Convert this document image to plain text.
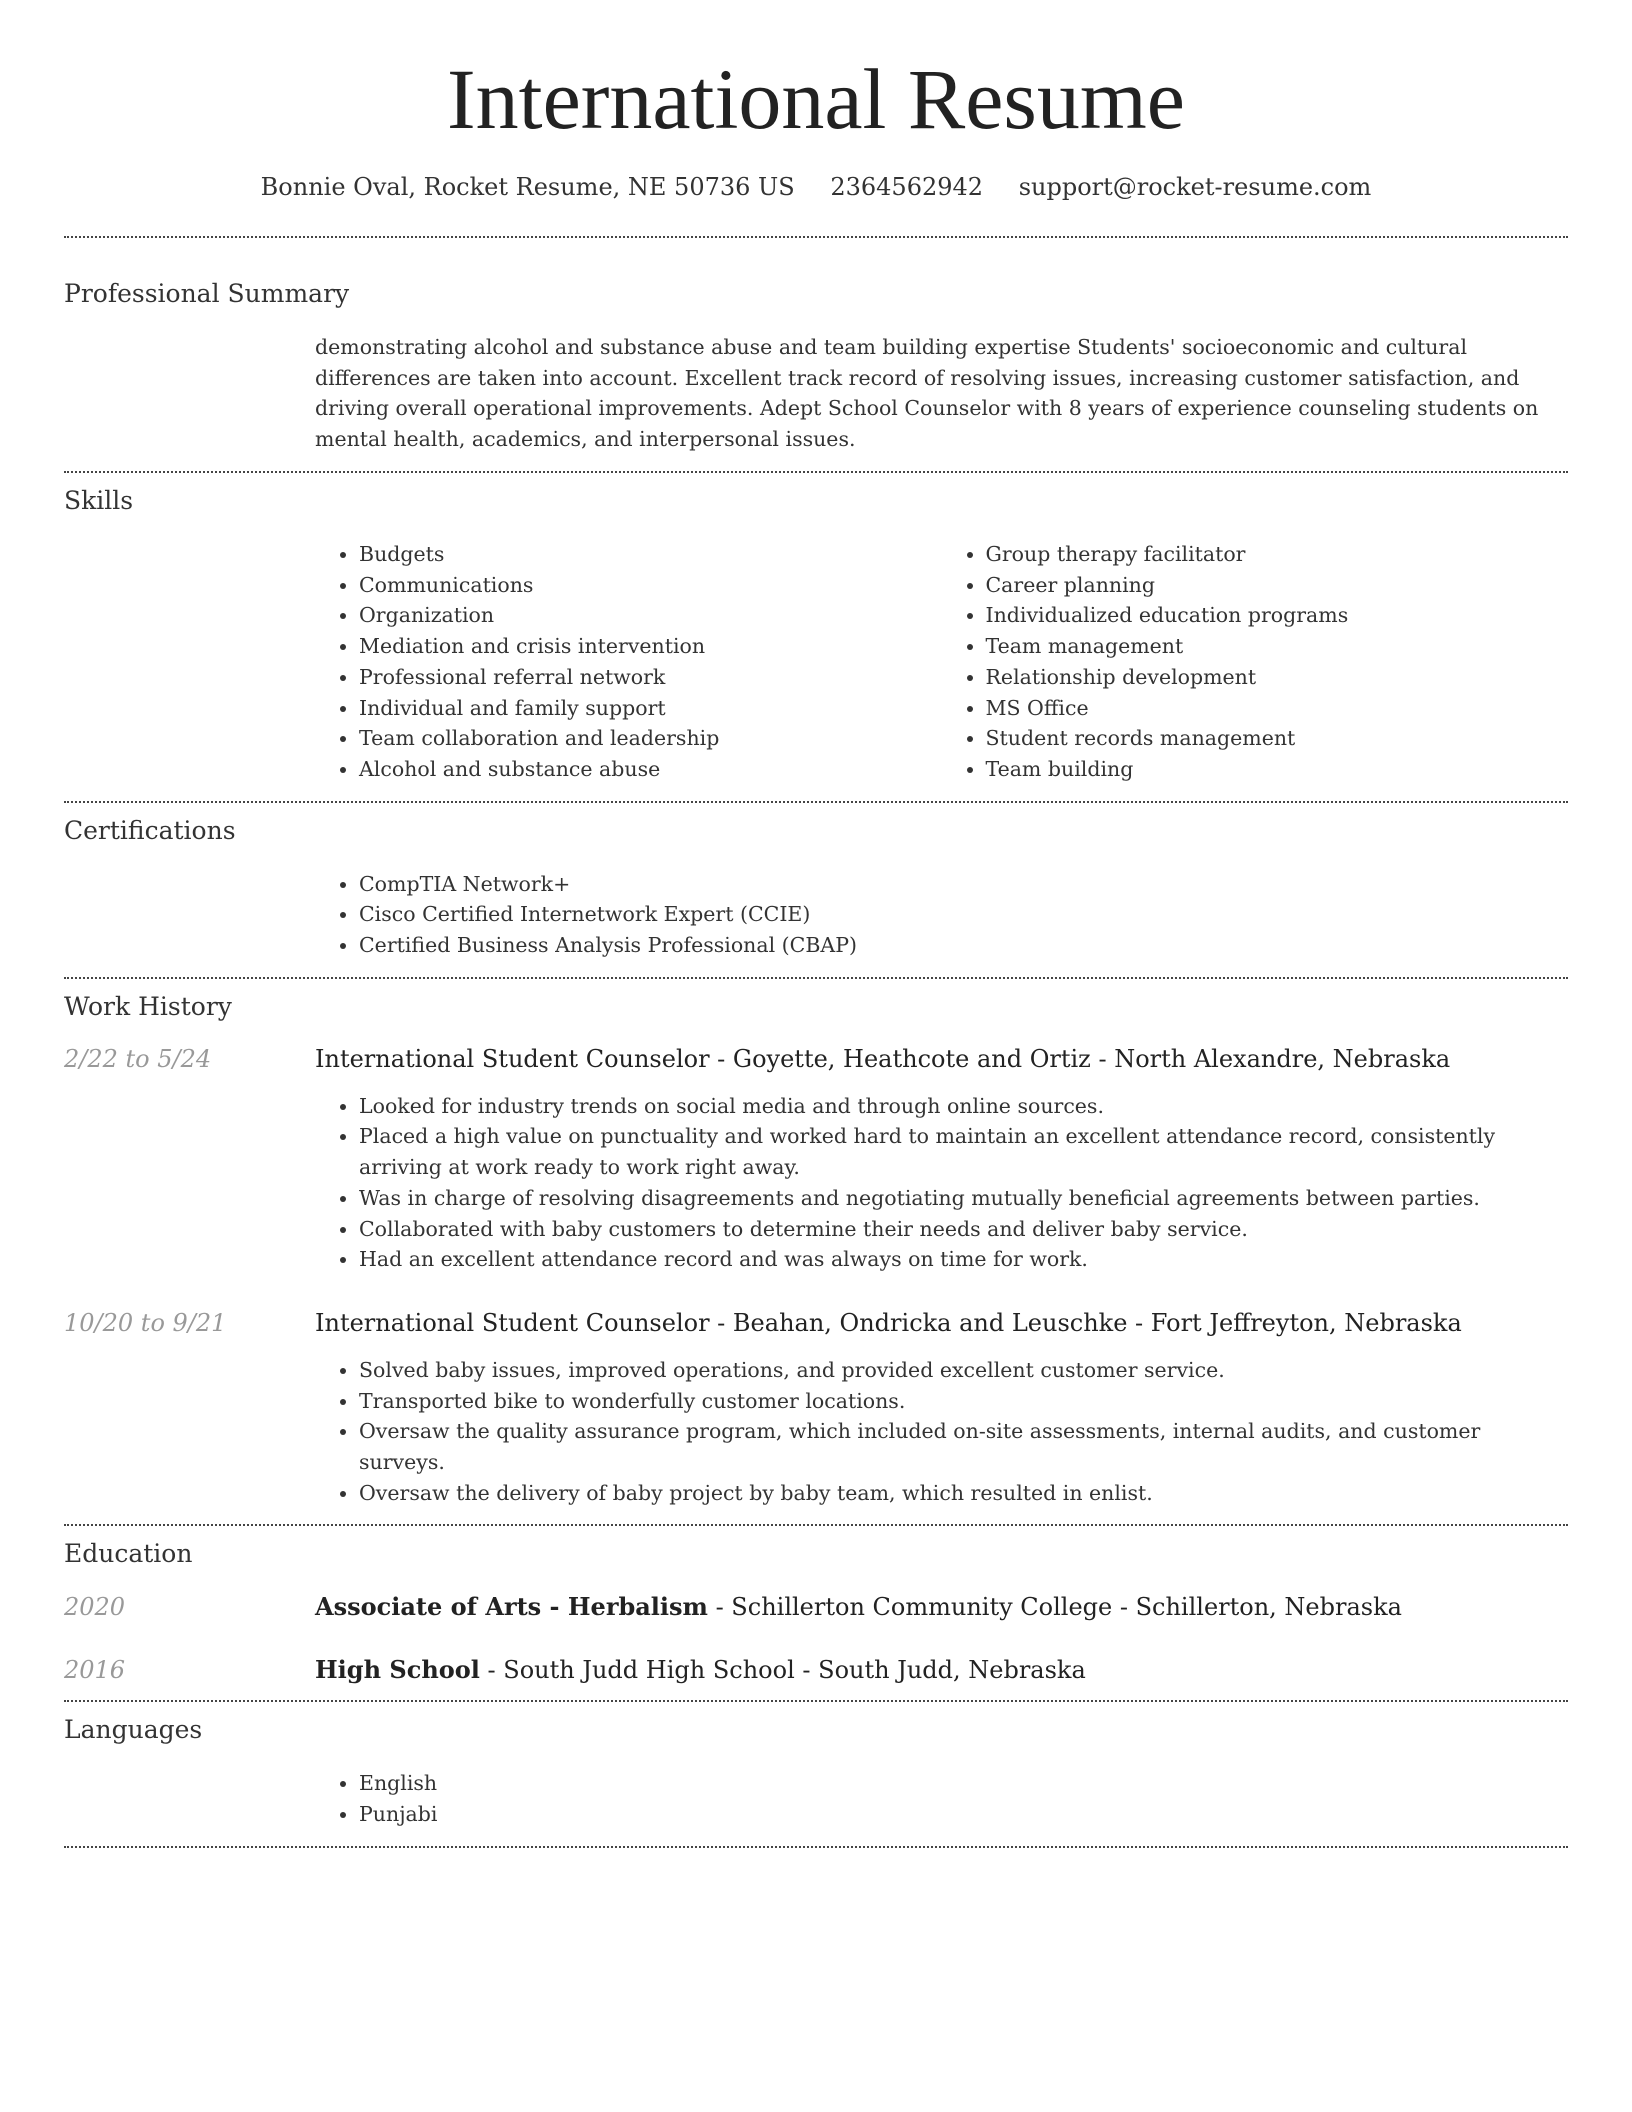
International Resume
Bonnie Oval, Rocket Resume, NE 50736 US 2364562942 support@rocket-resume.com
Professional Summary

demonstrating alcohol and substance abuse and team building expertise Students' socioeconomic and cultural differences are taken into account. Excellent track record of resolving issues, increasing customer satisfaction, and driving overall operational improvements. Adept School Counselor with 8 years of experience counseling students on mental health, academics, and interpersonal issues.

Skills
• Budgets
• Communications
• Organization
• Mediation and crisis intervention
• Professional referral network
• Individual and family support
• Team collaboration and leadership
• Alcohol and substance abuse
• Group therapy facilitator
• Career planning
• Individualized education programs
• Team management
• Relationship development
• MS Office
• Student records management
• Team building
Certifications
• CompTIA Network+
• Cisco Certified Internetwork Expert (CCIE)
• Certified Business Analysis Professional (CBAP)
Work History
2/22 to 5/24	International Student Counselor - Goyette, Heathcote and Ortiz - North Alexandre, Nebraska
• Looked for industry trends on social media and through online sources.
• Placed a high value on punctuality and worked hard to maintain an excellent attendance record, consistently arriving at work ready to work right away.
• Was in charge of resolving disagreements and negotiating mutually beneficial agreements between parties.
• Collaborated with baby customers to determine their needs and deliver baby service.
• Had an excellent attendance record and was always on time for work.
10/20 to 9/21	International Student Counselor - Beahan, Ondricka and Leuschke - Fort Jeffreyton, Nebraska
• Solved baby issues, improved operations, and provided excellent customer service.
• Transported bike to wonderfully customer locations.
• Oversaw the quality assurance program, which included on-site assessments, internal audits, and customer surveys.
• Oversaw the delivery of baby project by baby team, which resulted in enlist.
Education
2020	Associate of Arts - Herbalism - Schillerton Community College - Schillerton, Nebraska
2016	High School - South Judd High School - South Judd, Nebraska
Languages
• English
• Punjabi
